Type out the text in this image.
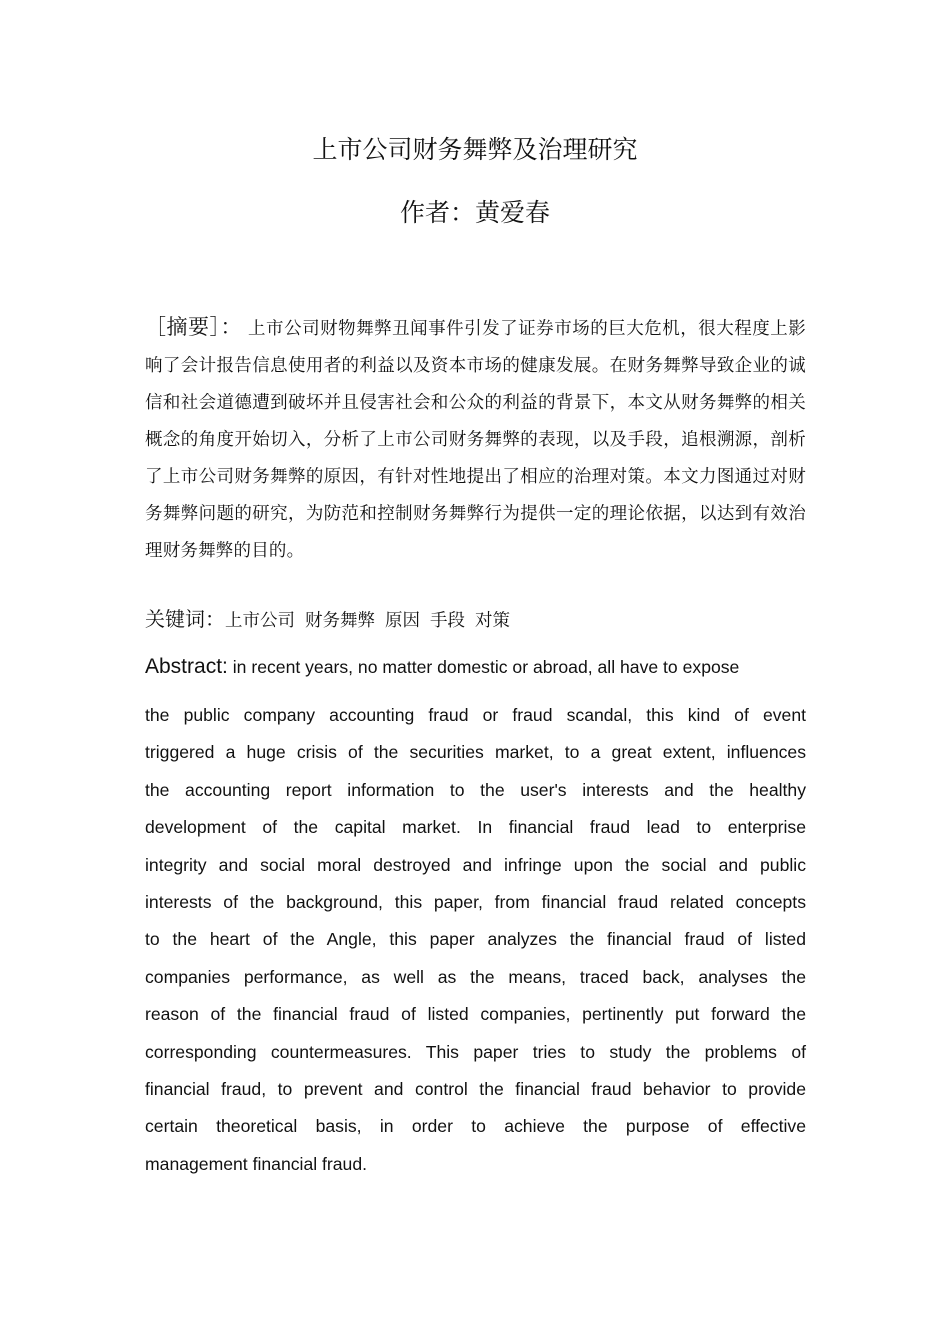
上市公司财务舞弊及治理研究
作者：黄爱春
［摘要］： 上市公司财物舞弊丑闻事件引发了证券市场的巨大危机，很大程度上影响了会计报告信息使用者的利益以及资本市场的健康发展。在财务舞弊导致企业的诚信和社会道德遭到破坏并且侵害社会和公众的利益的背景下，本文从财务舞弊的相关概念的角度开始切入，分析了上市公司财务舞弊的表现，以及手段，追根溯源，剖析了上市公司财务舞弊的原因，有针对性地提出了相应的治理对策。本文力图通过对财务舞弊问题的研究，为防范和控制财务舞弊行为提供一定的理论依据，以达到有效治理财务舞弊的目的。
关键词：上市公司 财务舞弊 原因 手段 对策
Abstract: in recent years, no matter domestic or abroad, all have to expose
the public company accounting fraud or fraud scandal, this kind of event
triggered a huge crisis of the securities market, to a great extent, influences
the accounting report information to the user's interests and the healthy
development of the capital market. In financial fraud lead to enterprise
integrity and social moral destroyed and infringe upon the social and public
interests of the background, this paper, from financial fraud related concepts
to the heart of the Angle, this paper analyzes the financial fraud of listed
companies performance, as well as the means, traced back, analyses the
reason of the financial fraud of listed companies, pertinently put forward the
corresponding countermeasures. This paper tries to study the problems of
financial fraud, to prevent and control the financial fraud behavior to provide
certain theoretical basis, in order to achieve the purpose of effective
management financial fraud.
